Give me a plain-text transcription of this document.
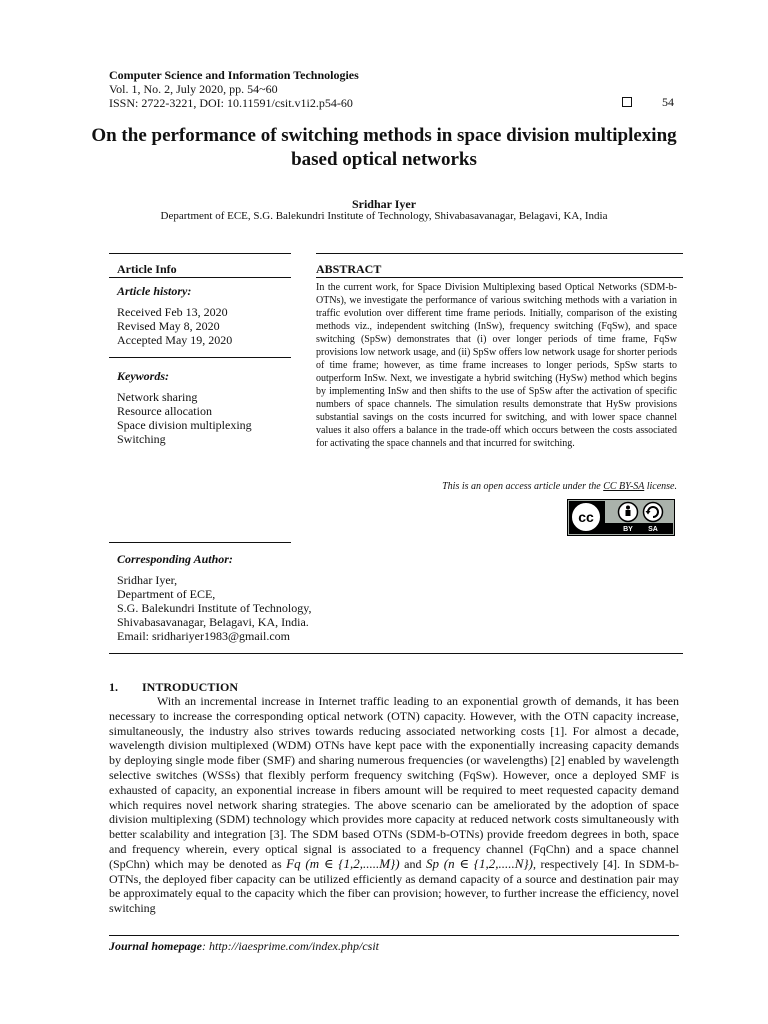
Computer Science and Information Technologies
Vol. 1, No. 2, July 2020, pp. 54~60
ISSN: 2722-3221, DOI: 10.11591/csit.v1i2.p54-60	54
On the performance of switching methods in space division multiplexing based optical networks
Sridhar Iyer
Department of ECE, S.G. Balekundri Institute of Technology, Shivabasavanagar, Belagavi, KA, India
Article Info
Article history:
Received Feb 13, 2020
Revised May 8, 2020
Accepted May 19, 2020
Keywords:
Network sharing
Resource allocation
Space division multiplexing
Switching
ABSTRACT
In the current work, for Space Division Multiplexing based Optical Networks (SDM-b-OTNs), we investigate the performance of various switching methods with a variation in traffic evolution over different time frame periods. Initially, comparison of the existing methods viz., independent switching (InSw), frequency switching (FqSw), and space switching (SpSw) demonstrates that (i) over longer periods of time frame, FqSw provisions low network usage, and (ii) SpSw offers low network usage for shorter periods of time frame; however, as time frame increases to longer periods, SpSw starts to outperform InSw. Next, we investigate a hybrid switching (HySw) method which begins by implementing InSw and then shifts to the use of SpSw after the activation of specific numbers of space channels. The simulation results demonstrate that HySw provisions substantial savings on the costs incurred for switching, and with lower space channel values it also offers a balance in the trade-off which occurs between the costs associated for activating the space channels and that incurred for switching.
This is an open access article under the CC BY-SA license.
cc
BY SA
Corresponding Author:
Sridhar Iyer,
Department of ECE,
S.G. Balekundri Institute of Technology,
Shivabasavanagar, Belagavi, KA, India.
Email: sridhariyer1983@gmail.com
1.        INTRODUCTION
With an incremental increase in Internet traffic leading to an exponential growth of demands, it has been necessary to increase the corresponding optical network (OTN) capacity. However, with the OTN capacity increase, simultaneously, the industry also strives towards reducing associated networking costs [1]. For almost a decade, wavelength division multiplexed (WDM) OTNs have kept pace with the exponentially increasing capacity demands by deploying single mode fiber (SMF) and sharing numerous frequencies (or wavelengths) [2] enabled by wavelength selective switches (WSSs) that flexibly perform frequency switching (FqSw). However, once a deployed SMF is exhausted of capacity, an exponential increase in fibers amount will be required to meet requested capacity demand which requires novel network sharing strategies. The above scenario can be ameliorated by the adoption of space division multiplexing (SDM) technology which provides more capacity at reduced network costs simultaneously with better scalability and integration [3]. The SDM based OTNs (SDM-b-OTNs) provide freedom degrees in both, space and frequency wherein, every optical signal is associated to a frequency channel (FqChn) and a space channel (SpChn) which may be denoted as Fq (m ∈ {1,2,.....M}) and Sp (n ∈ {1,2,.....N}), respectively [4]. In SDM-b-OTNs, the deployed fiber capacity can be utilized efficiently as demand capacity of a source and destination pair may be approximately equal to the capacity which the fiber can provision; however, to further increase the efficiency, novel switching
Journal homepage: http://iaesprime.com/index.php/csit
